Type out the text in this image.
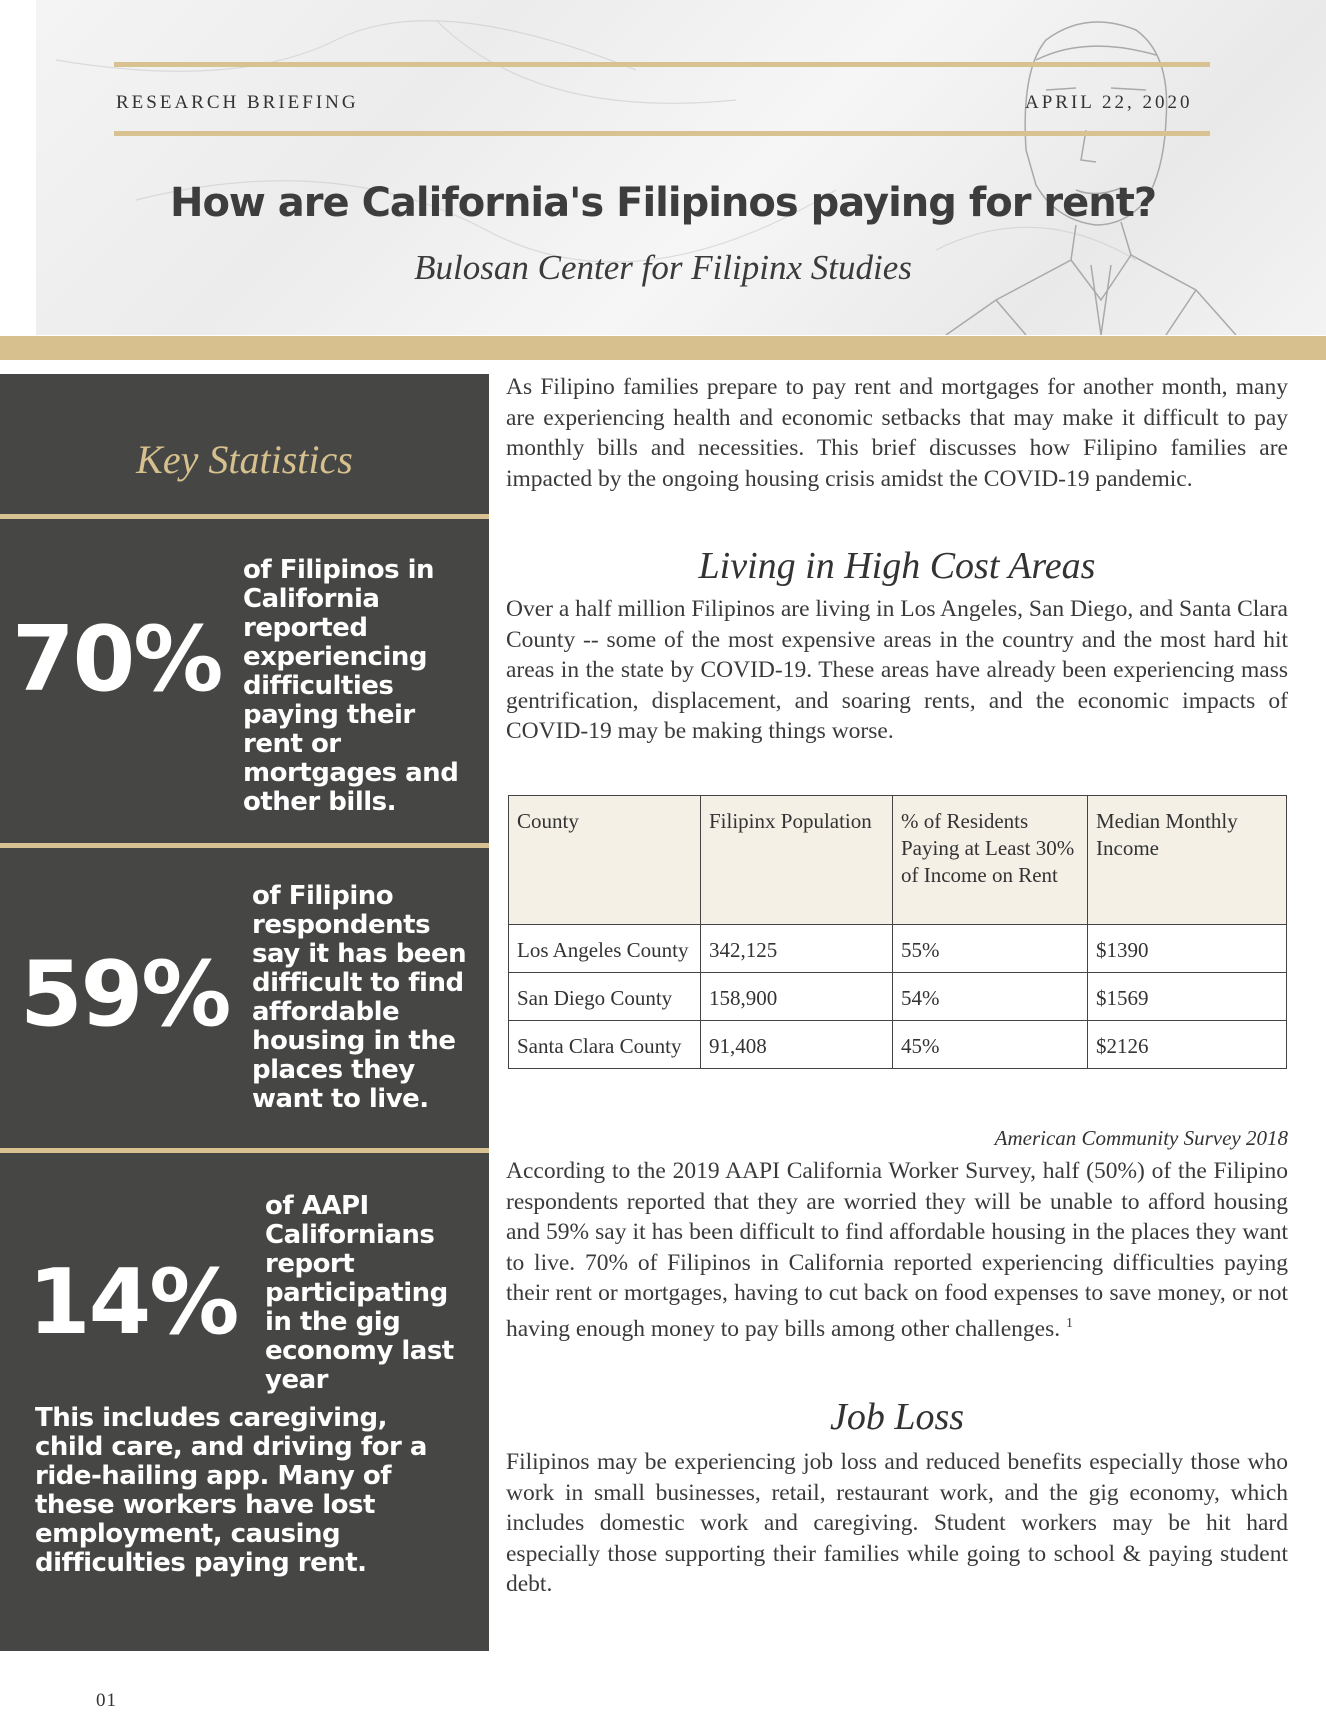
RESEARCH BRIEFING	APRIL 22, 2020
How are California's Filipinos paying for rent?
Bulosan Center for Filipinx Studies
Key Statistics
70%
of Filipinos in California reported experiencing difficulties paying their rent or mortgages and other bills.
59%
of Filipino respondents say it has been difficult to find affordable housing in the places they want to live.
14%
of AAPI Californians report participating in the gig economy last year
This includes caregiving, child care, and driving for a ride-hailing app. Many of these workers have lost employment, causing difficulties paying rent.
As Filipino families prepare to pay rent and mortgages for another month, many are experiencing health and economic setbacks that may make it difficult to pay monthly bills and necessities. This brief discusses how Filipino families are impacted by the ongoing housing crisis amidst the COVID-19 pandemic.
Living in High Cost Areas
Over a half million Filipinos are living in Los Angeles, San Diego, and Santa Clara County -- some of the most expensive areas in the country and the most hard hit areas in the state by COVID-19. These areas have already been experiencing mass gentrification, displacement, and soaring rents, and the economic impacts of COVID-19 may be making things worse.
County	Filipinx Population	% of Residents Paying at Least 30% of Income on Rent	Median Monthly Income
Los Angeles County	342,125	55%	$1390
San Diego County	158,900	54%	$1569
Santa Clara County	91,408	45%	$2126
American Community Survey 2018
According to the 2019 AAPI California Worker Survey, half (50%) of the Filipino respondents reported that they are worried they will be unable to afford housing and 59% say it has been difficult to find affordable housing in the places they want to live. 70% of Filipinos in California reported experiencing difficulties paying their rent or mortgages, having to cut back on food expenses to save money, or not having enough money to pay bills among other challenges. $^1$
Job Loss
Filipinos may be experiencing job loss and reduced benefits especially those who work in small businesses, retail, restaurant work, and the gig economy, which includes domestic work and caregiving. Student workers may be hit hard especially those supporting their families while going to school & paying student debt.
01
